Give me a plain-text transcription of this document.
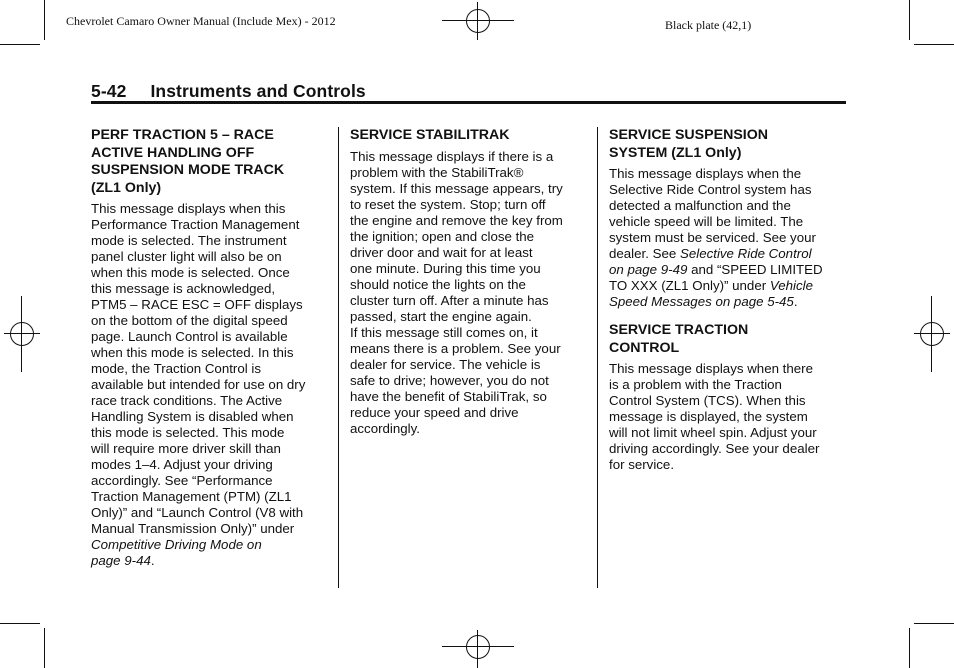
Chevrolet Camaro Owner Manual (Include Mex) - 2012	Black plate (42,1)
5-42 Instruments and Controls
PERF TRACTION 5 – RACE
ACTIVE HANDLING OFF
SUSPENSION MODE TRACK
(ZL1 Only)

This message displays when this
Performance Traction Management
mode is selected. The instrument
panel cluster light will also be on
when this mode is selected. Once
this message is acknowledged,
PTM5 – RACE ESC = OFF displays
on the bottom of the digital speed
page. Launch Control is available
when this mode is selected. In this
mode, the Traction Control is
available but intended for use on dry
race track conditions. The Active
Handling System is disabled when
this mode is selected. This mode
will require more driver skill than
modes 1–4. Adjust your driving
accordingly. See “Performance
Traction Management (PTM) (ZL1
Only)” and “Launch Control (V8 with
Manual Transmission Only)” under
Competitive Driving Mode on
page 9-44.

SERVICE STABILITRAK

This message displays if there is a
problem with the StabiliTrak®
system. If this message appears, try
to reset the system. Stop; turn off
the engine and remove the key from
the ignition; open and close the
driver door and wait for at least
one minute. During this time you
should notice the lights on the
cluster turn off. After a minute has
passed, start the engine again.
If this message still comes on, it
means there is a problem. See your
dealer for service. The vehicle is
safe to drive; however, you do not
have the benefit of StabiliTrak, so
reduce your speed and drive
accordingly.

SERVICE SUSPENSION
SYSTEM (ZL1 Only)

This message displays when the
Selective Ride Control system has
detected a malfunction and the
vehicle speed will be limited. The
system must be serviced. See your
dealer. See Selective Ride Control
on page 9-49 and “SPEED LIMITED
TO XXX (ZL1 Only)” under Vehicle
Speed Messages on page 5-45.

SERVICE TRACTION
CONTROL

This message displays when there
is a problem with the Traction
Control System (TCS). When this
message is displayed, the system
will not limit wheel spin. Adjust your
driving accordingly. See your dealer
for service.
